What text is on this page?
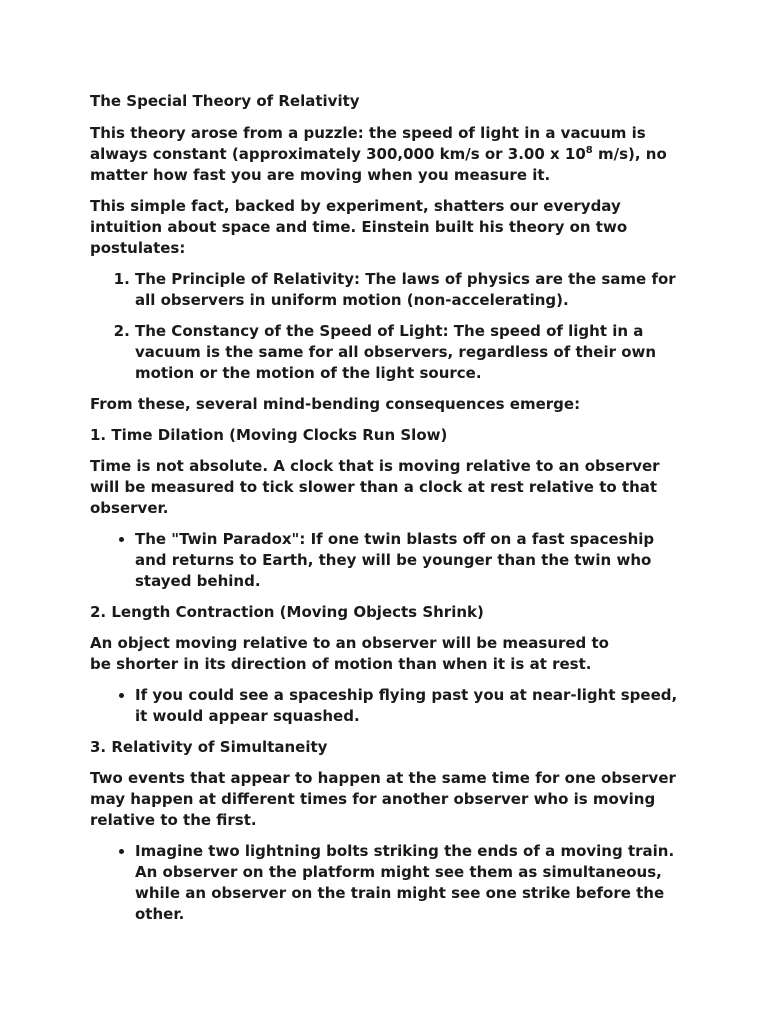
The Special Theory of Relativity

This theory arose from a puzzle: the speed of light in a vacuum is always constant (approximately 300,000 km/s or 3.00 x $10^8$ m/s), no matter how fast you are moving when you measure it.

This simple fact, backed by experiment, shatters our everyday intuition about space and time. Einstein built his theory on two postulates:

1. The Principle of Relativity: The laws of physics are the same for all observers in uniform motion (non-accelerating).
2. The Constancy of the Speed of Light: The speed of light in a vacuum is the same for all observers, regardless of their own motion or the motion of the light source.

From these, several mind-bending consequences emerge:

1. Time Dilation (Moving Clocks Run Slow)

Time is not absolute. A clock that is moving relative to an observer will be measured to tick slower than a clock at rest relative to that observer.

• The "Twin Paradox": If one twin blasts off on a fast spaceship and returns to Earth, they will be younger than the twin who stayed behind.

2. Length Contraction (Moving Objects Shrink)

An object moving relative to an observer will be measured to
be shorter in its direction of motion than when it is at rest.

• If you could see a spaceship flying past you at near-light speed, it would appear squashed.

3. Relativity of Simultaneity

Two events that appear to happen at the same time for one observer may happen at different times for another observer who is moving relative to the first.

• Imagine two lightning bolts striking the ends of a moving train. An observer on the platform might see them as simultaneous, while an observer on the train might see one strike before the other.
